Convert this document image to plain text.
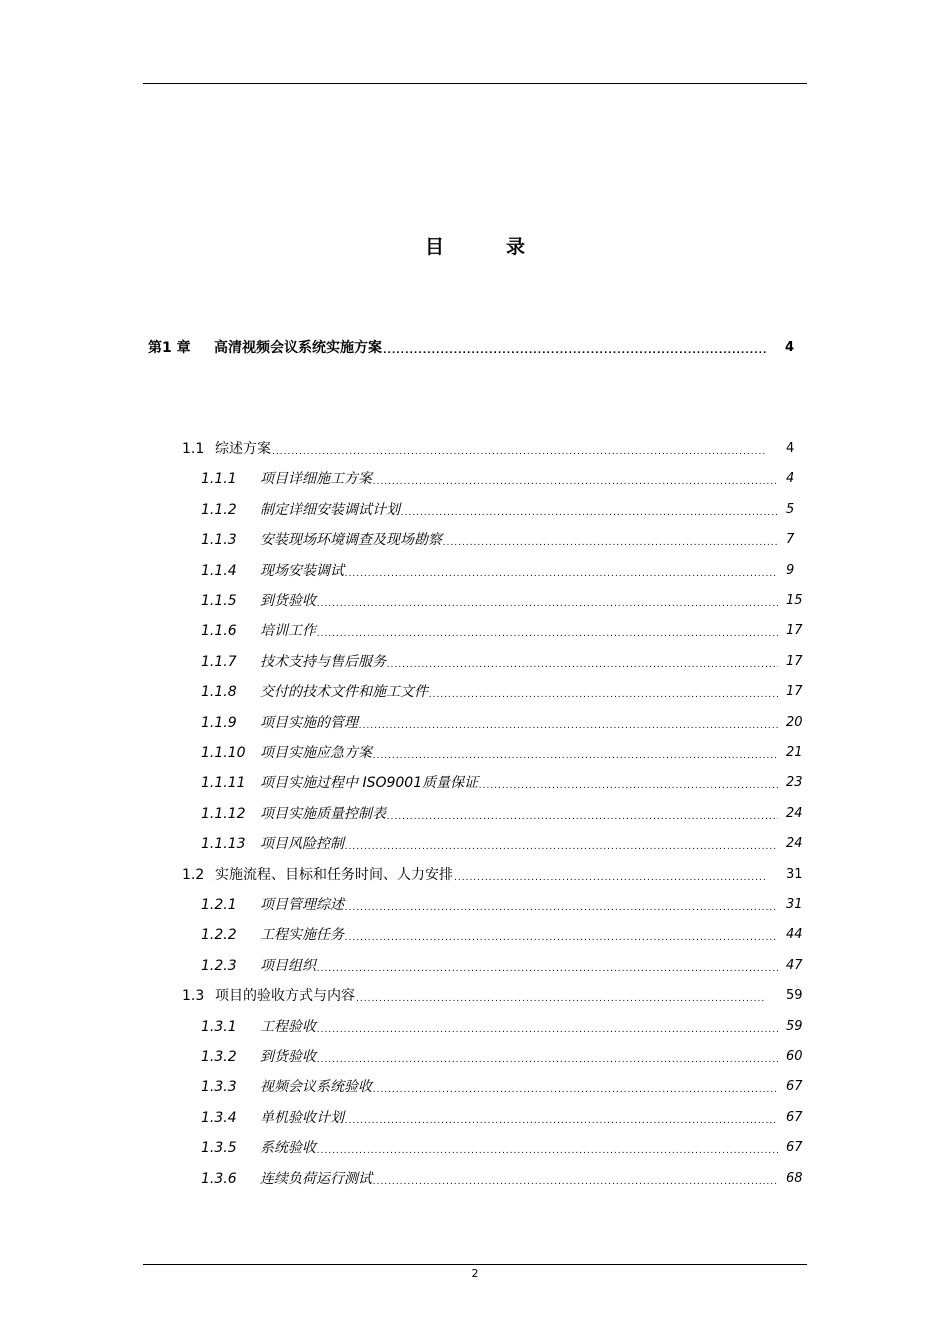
目	录
第1 章 高清视频会议系统实施方案 .....	4
1.1 综述方案 .....	4
1.1.1 项目详细施工方案 .....	4
1.1.2 制定详细安装调试计划 .....	5
1.1.3 安装现场环境调查及现场勘察 .....	7
1.1.4 现场安装调试 .....	9
1.1.5 到货验收 .....	15
1.1.6 培训工作 .....	17
1.1.7 技术支持与售后服务 .....	17
1.1.8 交付的技术文件和施工文件 .....	17
1.1.9 项目实施的管理 .....	20
1.1.10 项目实施应急方案 .....	21
1.1.11 项目实施过程中 ISO9001质量保证 .....	23
1.1.12 项目实施质量控制表 .....	24
1.1.13 项目风险控制 .....	24
1.2 实施流程、目标和任务时间、人力安排 .....	31
1.2.1 项目管理综述 .....	31
1.2.2 工程实施任务 .....	44
1.2.3 项目组织 .....	47
1.3 项目的验收方式与内容 .....	59
1.3.1 工程验收 .....	59
1.3.2 到货验收 .....	60
1.3.3 视频会议系统验收 .....	67
1.3.4 单机验收计划 .....	67
1.3.5 系统验收 .....	67
1.3.6 连续负荷运行测试 .....	68
2
